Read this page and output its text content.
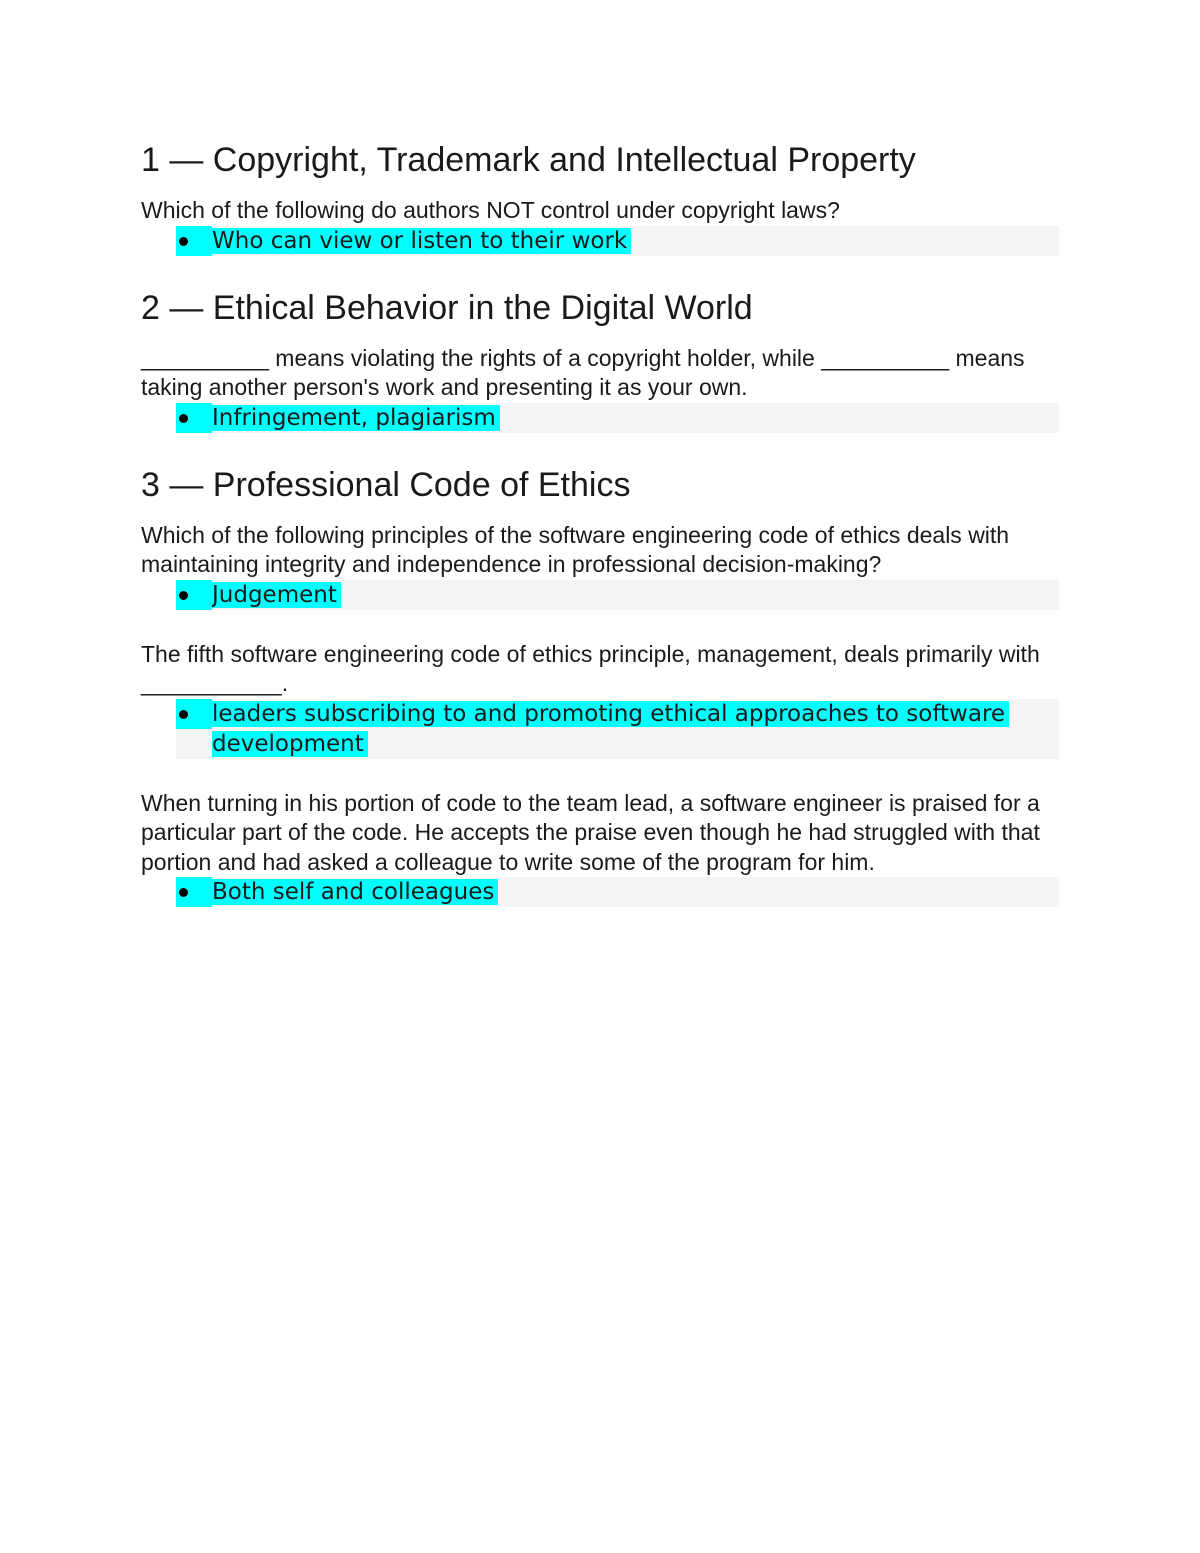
1 — Copyright, Trademark and Intellectual Property

Which of the following do authors NOT control under copyright laws?

Who can view or listen to their work
2 — Ethical Behavior in the Digital World

__________ means violating the rights of a copyright holder, while __________ means taking another person's work and presenting it as your own.

Infringement, plagiarism
3 — Professional Code of Ethics

Which of the following principles of the software engineering code of ethics deals with maintaining integrity and independence in professional decision-making?

Judgement

The fifth software engineering code of ethics principle, management, deals primarily with ___________.

leaders subscribing to and promoting ethical approaches to software development

When turning in his portion of code to the team lead, a software engineer is praised for a particular part of the code. He accepts the praise even though he had struggled with that portion and had asked a colleague to write some of the program for him.

Both self and colleagues
